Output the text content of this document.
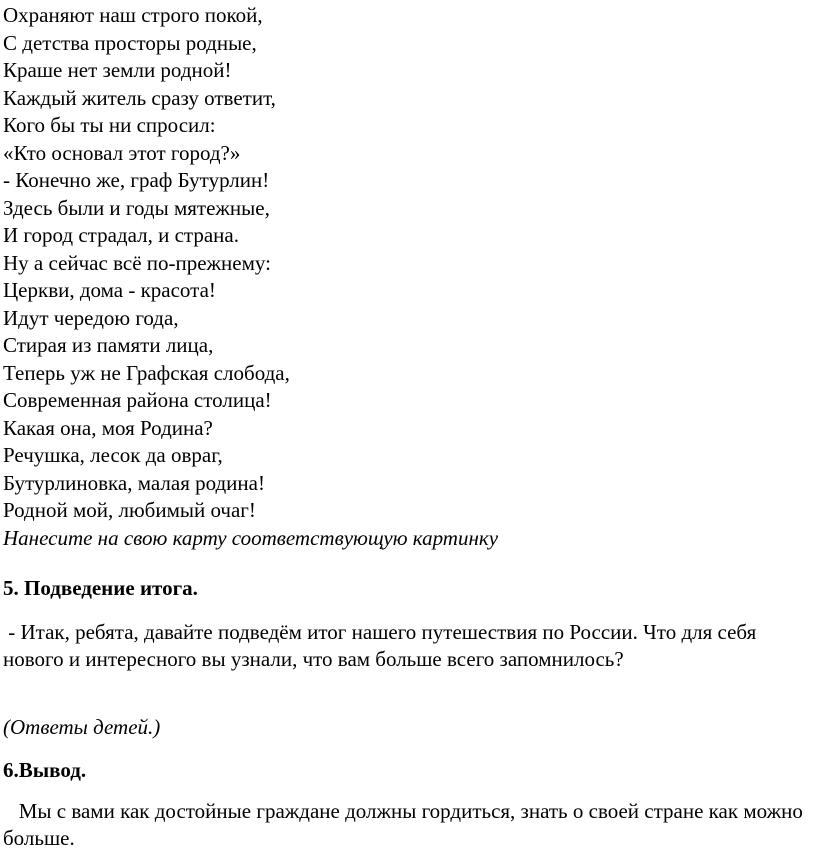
Охраняют наш строго покой,
С детства просторы родные,
Краше нет земли родной!
Каждый житель сразу ответит,
Кого бы ты ни спросил:
«Кто основал этот город?»
- Конечно же, граф Бутурлин!
Здесь были и годы мятежные,
И город страдал, и страна.
Ну а сейчас всё по-прежнему:
Церкви, дома - красота!
Идут чередою года,
Стирая из памяти лица,
Теперь уж не Графская слобода,
Современная района столица!
Какая она, моя Родина?
Речушка, лесок да овраг,
Бутурлиновка, малая родина!
Родной мой, любимый очаг!
Нанесите на свою карту соответствующую картинку
5. Подведение итога.
- Итак, ребята, давайте подведём итог нашего путешествия по России. Что для себя нового и интересного вы узнали, что вам больше всего запомнилось?
(Ответы детей.)
6.Вывод.
Мы с вами как достойные граждане должны гордиться, знать о своей стране как можно больше.
